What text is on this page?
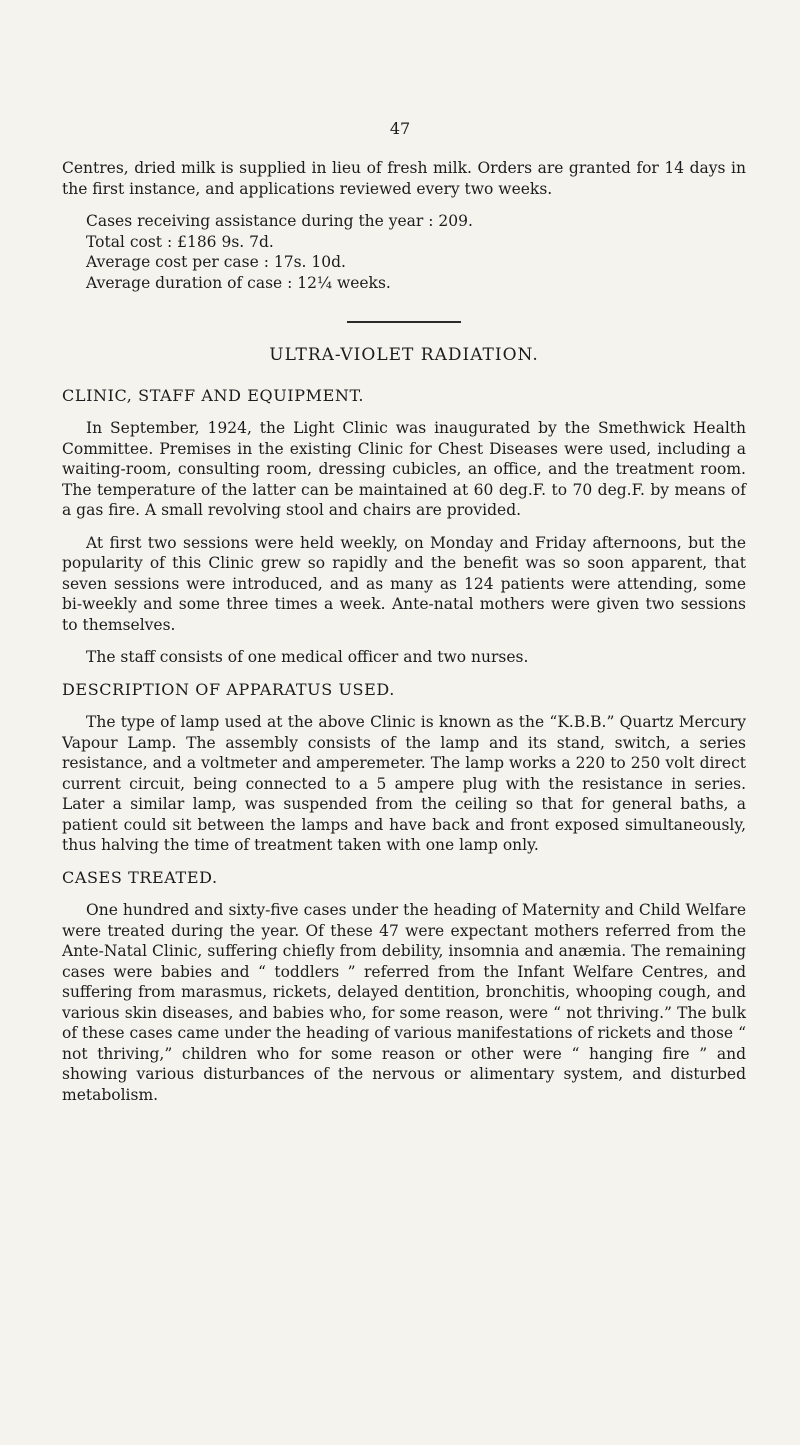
47

Centres, dried milk is supplied in lieu of fresh milk. Orders are granted for 14 days in the first instance, and applications reviewed every two weeks.

Cases receiving assistance during the year : 209.
Total cost : £186 9s. 7d.
Average cost per case : 17s. 10d.
Average duration of case : 12¼ weeks.
ULTRA-VIOLET RADIATION.
CLINIC, STAFF AND EQUIPMENT.

In September, 1924, the Light Clinic was inaugurated by the Smethwick Health Committee. Premises in the existing Clinic for Chest Diseases were used, including a waiting-room, consulting room, dressing cubicles, an office, and the treatment room. The temperature of the latter can be maintained at 60 deg.F. to 70 deg.F. by means of a gas fire. A small revolving stool and chairs are provided.

At first two sessions were held weekly, on Monday and Friday afternoons, but the popularity of this Clinic grew so rapidly and the benefit was so soon apparent, that seven sessions were introduced, and as many as 124 patients were attending, some bi-weekly and some three times a week. Ante-natal mothers were given two sessions to themselves.

The staff consists of one medical officer and two nurses.

DESCRIPTION OF APPARATUS USED.

The type of lamp used at the above Clinic is known as the “K.B.B.” Quartz Mercury Vapour Lamp. The assembly consists of the lamp and its stand, switch, a series resistance, and a voltmeter and amperemeter. The lamp works a 220 to 250 volt direct current circuit, being connected to a 5 ampere plug with the resistance in series. Later a similar lamp, was suspended from the ceiling so that for general baths, a patient could sit between the lamps and have back and front exposed simultaneously, thus halving the time of treatment taken with one lamp only.

CASES TREATED.

One hundred and sixty-five cases under the heading of Maternity and Child Welfare were treated during the year. Of these 47 were expectant mothers referred from the Ante-Natal Clinic, suffering chiefly from debility, insomnia and anæmia. The remaining cases were babies and “ toddlers ” referred from the Infant Welfare Centres, and suffering from marasmus, rickets, delayed dentition, bronchitis, whooping cough, and various skin diseases, and babies who, for some reason, were “ not thriving.” The bulk of these cases came under the heading of various manifestations of rickets and those “ not thriving,” children who for some reason or other were “ hanging fire ” and showing various disturbances of the nervous or alimentary system, and disturbed metabolism.
